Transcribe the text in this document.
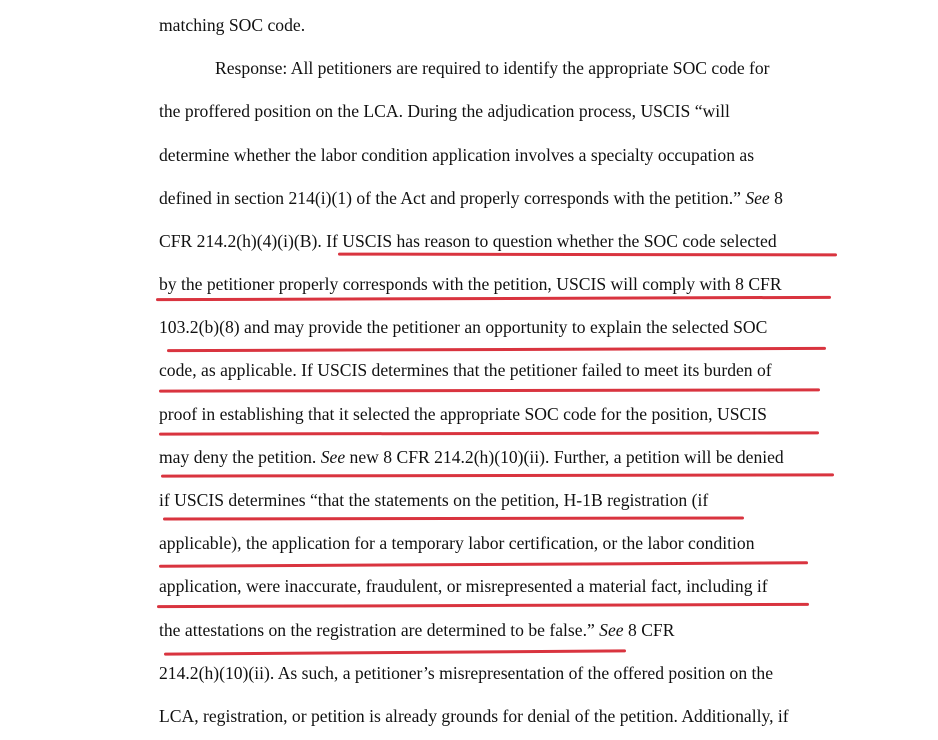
matching SOC code.
Response: All petitioners are required to identify the appropriate SOC code for
the proffered position on the LCA. During the adjudication process, USCIS “will
determine whether the labor condition application involves a specialty occupation as
defined in section 214(i)(1) of the Act and properly corresponds with the petition.” See 8
CFR 214.2(h)(4)(i)(B). If USCIS has reason to question whether the SOC code selected
by the petitioner properly corresponds with the petition, USCIS will comply with 8 CFR
103.2(b)(8) and may provide the petitioner an opportunity to explain the selected SOC
code, as applicable. If USCIS determines that the petitioner failed to meet its burden of
proof in establishing that it selected the appropriate SOC code for the position, USCIS
may deny the petition. See new 8 CFR 214.2(h)(10)(ii). Further, a petition will be denied
if USCIS determines “that the statements on the petition, H-1B registration (if
applicable), the application for a temporary labor certification, or the labor condition
application, were inaccurate, fraudulent, or misrepresented a material fact, including if
the attestations on the registration are determined to be false.” See 8 CFR
214.2(h)(10)(ii). As such, a petitioner’s misrepresentation of the offered position on the
LCA, registration, or petition is already grounds for denial of the petition. Additionally, if
